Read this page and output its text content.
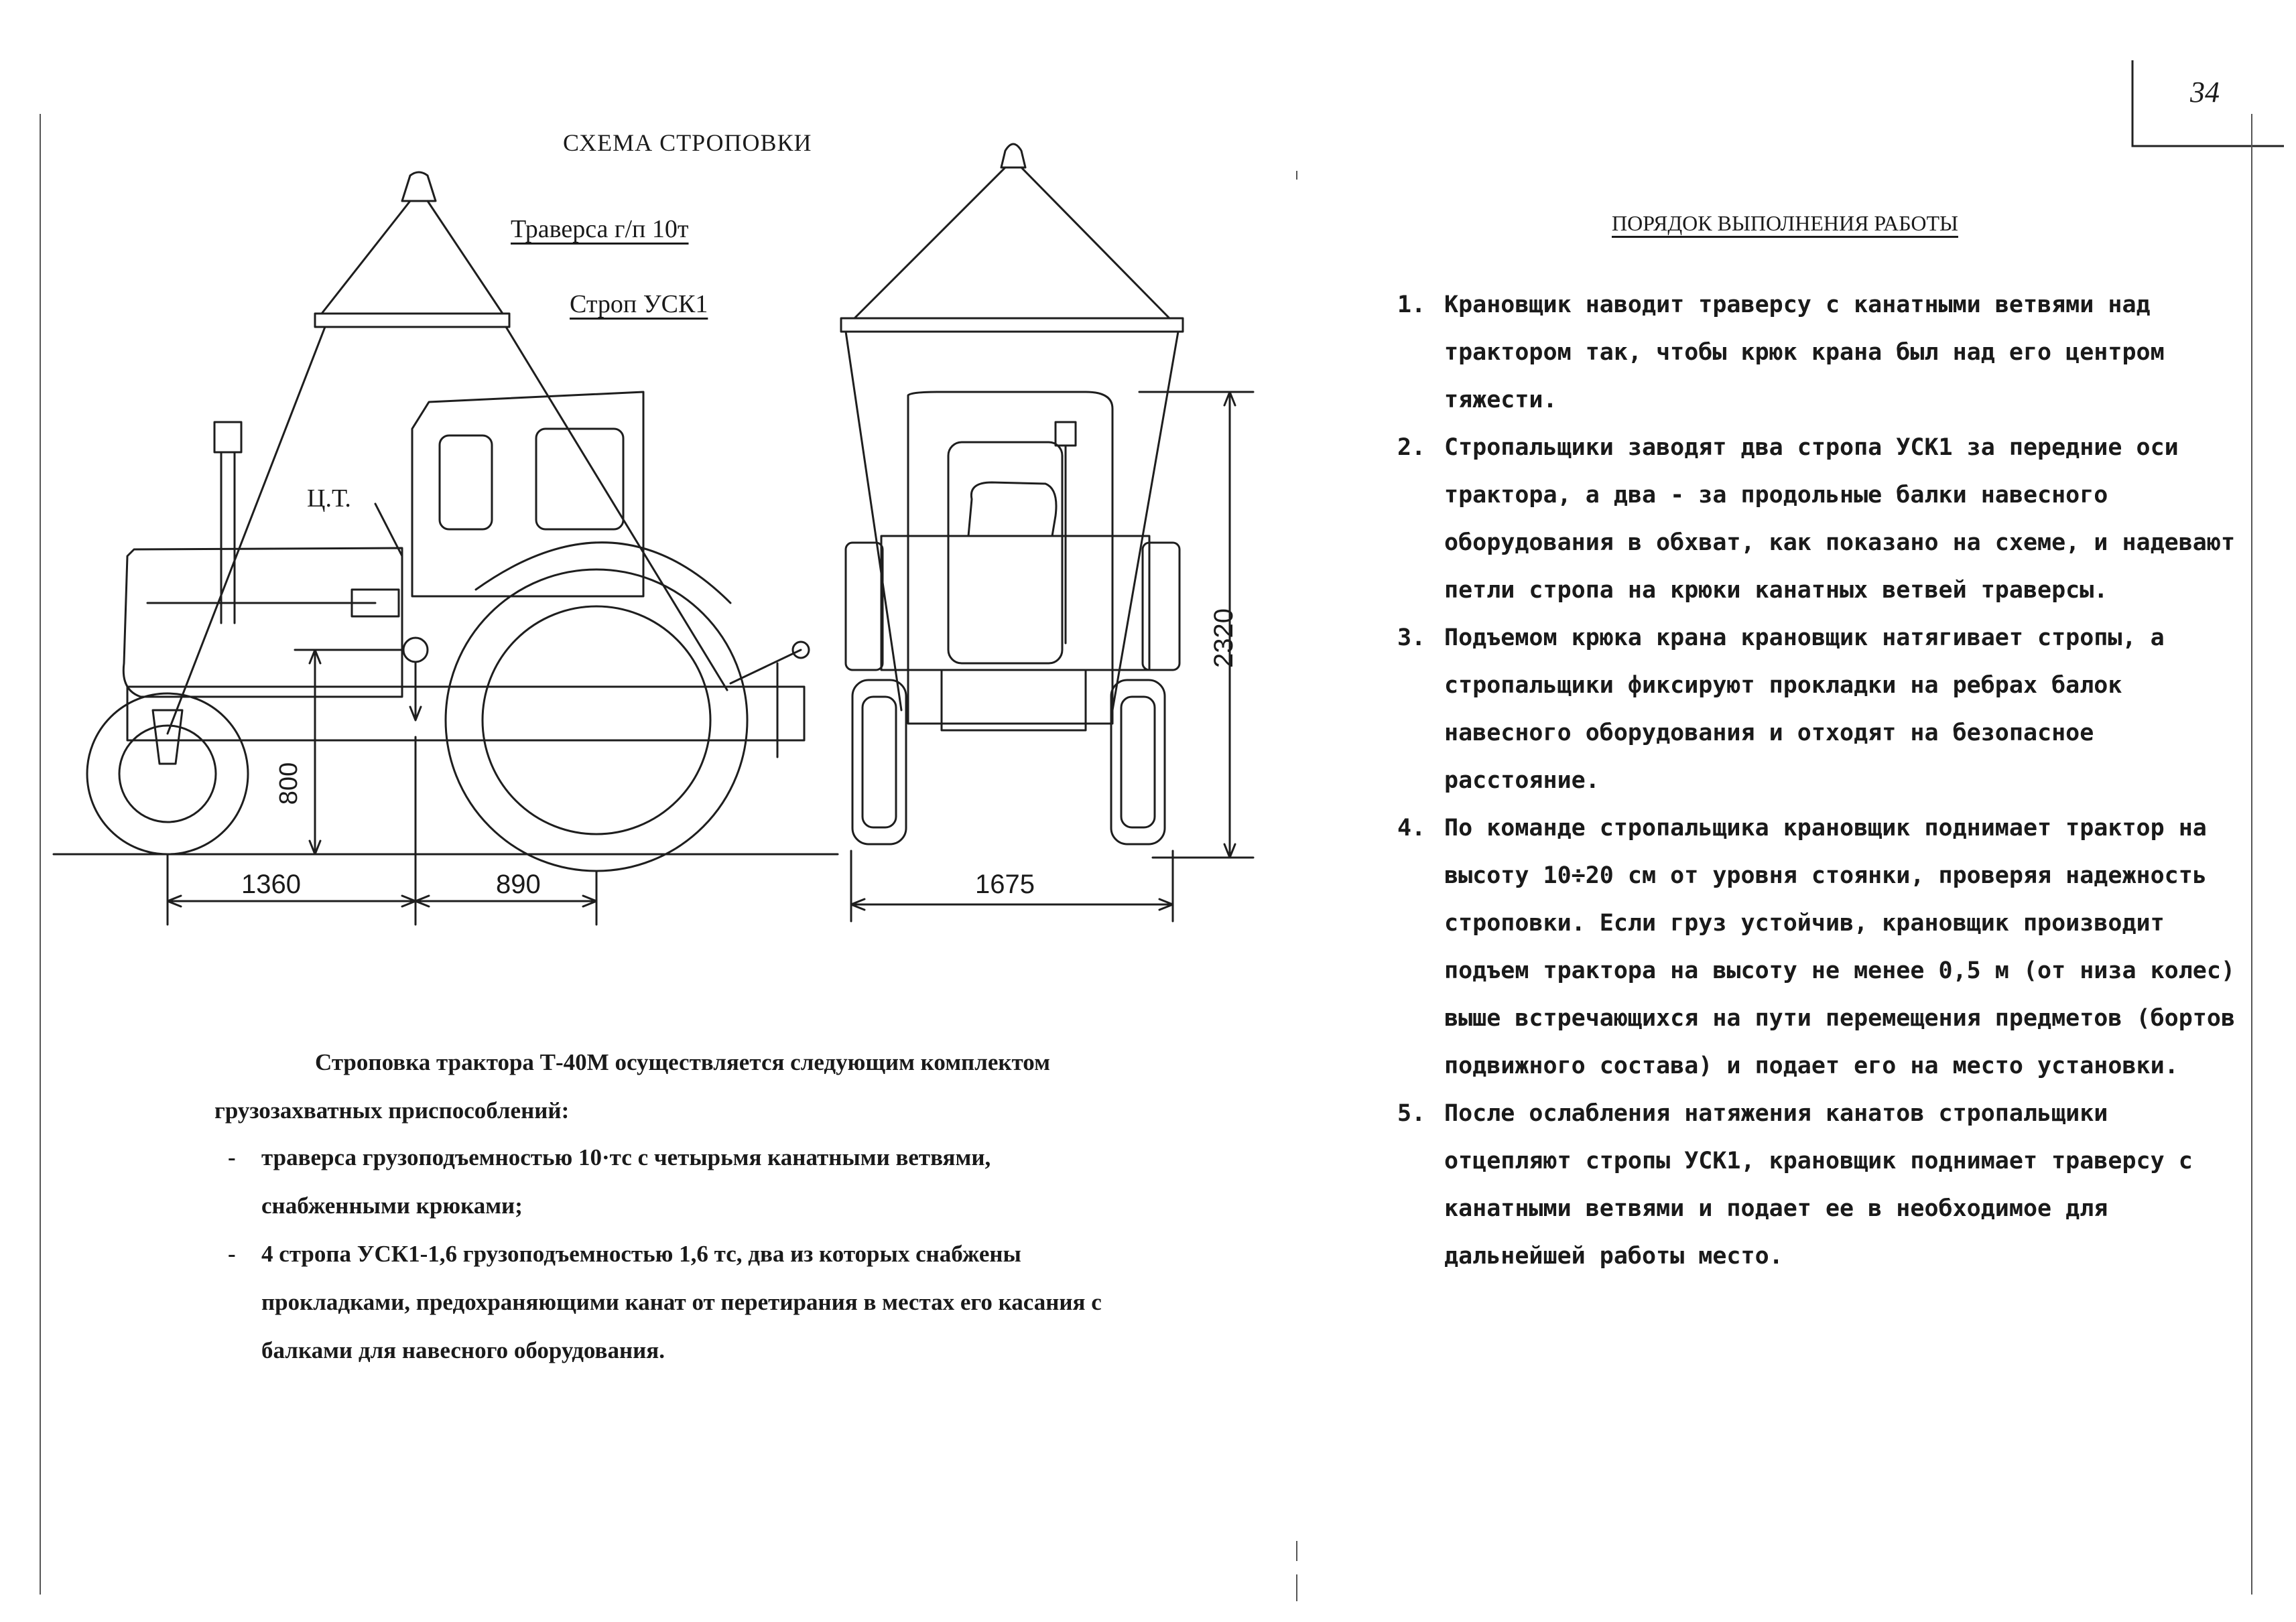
34
СХЕМА СТРОПОВКИ
Траверса г/п 10т
Строп УСК1
Ц.Т.
800
1360	890	1675
2320

Строповка трактора Т-40М осуществляется следующим комплектом грузозахватных приспособлений:

- траверса грузоподъемностью 10·тс с четырьмя канатными ветвями, снабженными крюками;
- 4 стропа УСК1-1,6 грузоподъемностью 1,6 тс, два из которых снабжены прокладками, предохраняющими канат от перетирания в местах его касания с балками для навесного оборудования.
ПОРЯДОК ВЫПОЛНЕНИЯ РАБОТЫ
1. Крановщик наводит траверсу с канатными ветвями над трактором так, чтобы крюк крана был над его центром тяжести.
2. Стропальщики заводят два стропа УСК1 за передние оси трактора, а два - за продольные балки навесного оборудования в обхват, как показано на схеме, и надевают петли стропа на крюки канатных ветвей траверсы.
3. Подъемом крюка крана крановщик натягивает стропы, а стропальщики фиксируют прокладки на ребрах балок навесного оборудования и отходят на безопасное расстояние.
4. По команде стропальщика крановщик поднимает трактор на высоту 10÷20 см от уровня стоянки, проверяя надежность строповки. Если груз устойчив, крановщик производит подъем трактора на высоту не менее 0,5 м (от низа колес) выше встречающихся на пути перемещения предметов (бортов подвижного состава) и подает его на место установки.
5. После ослабления натяжения канатов стропальщики отцепляют стропы УСК1, крановщик поднимает траверсу с канатными ветвями и подает ее в необходимое для дальнейшей работы место.
